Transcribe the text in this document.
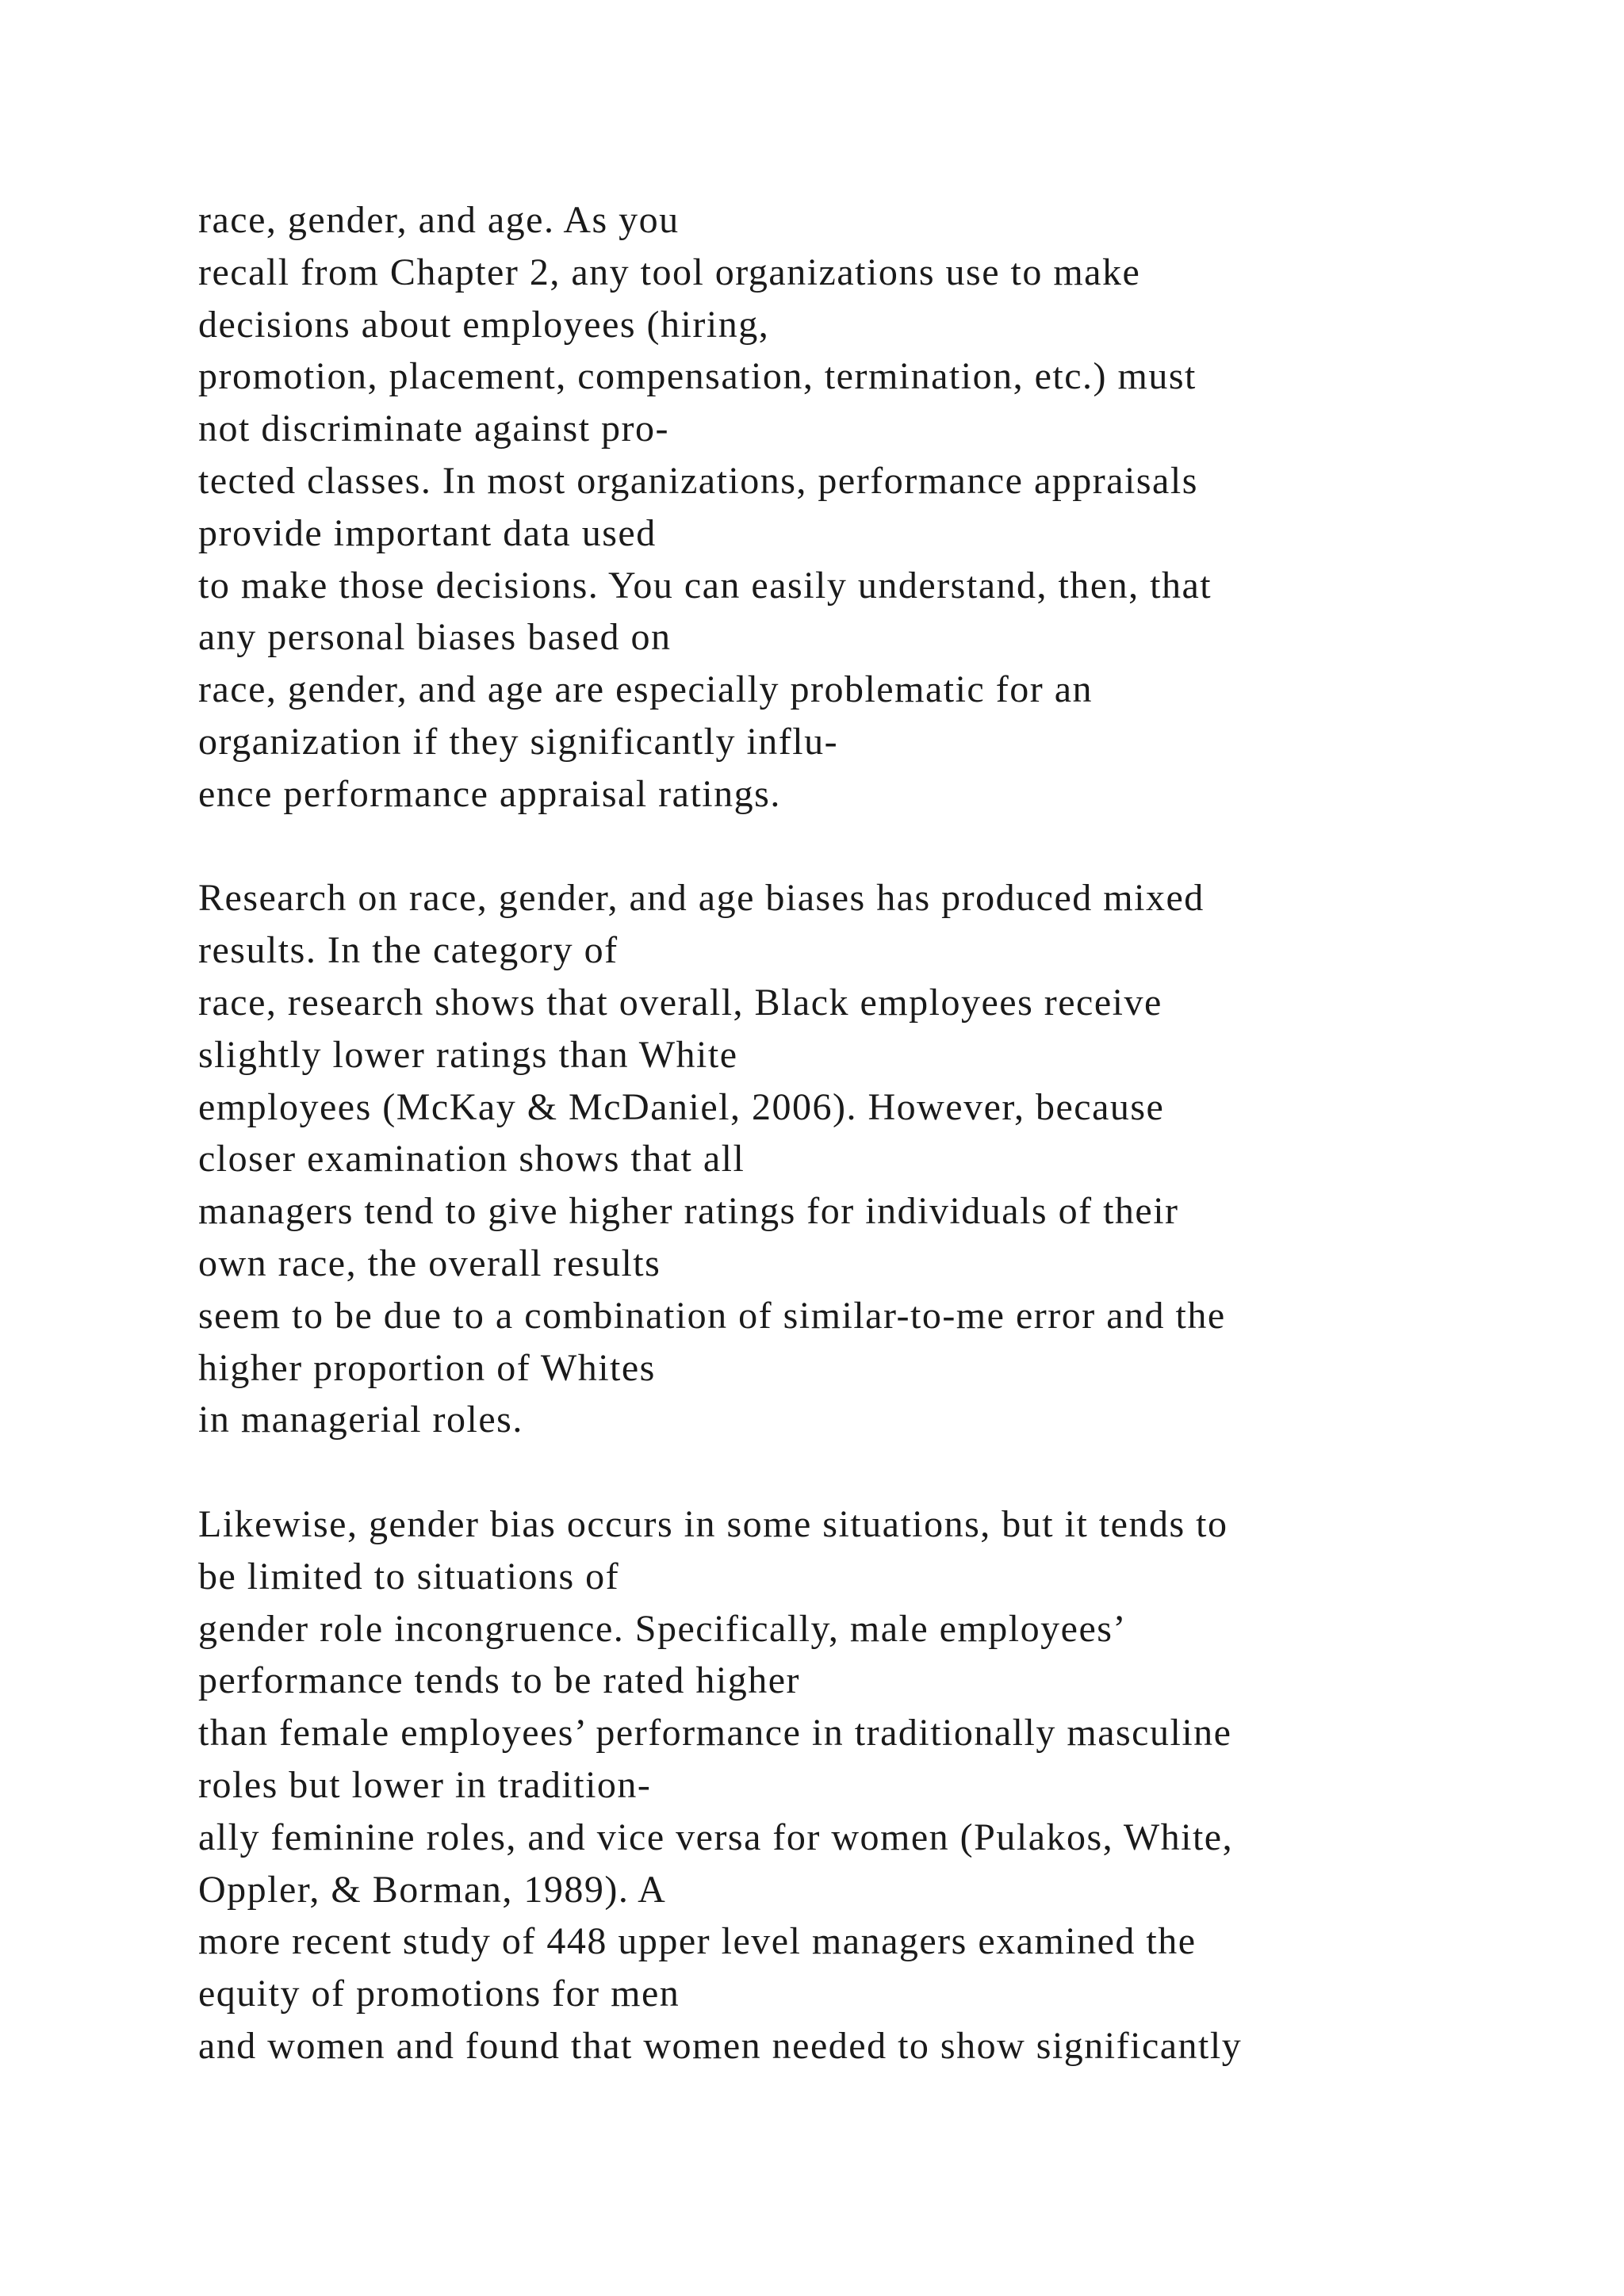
race, gender, and age. As you
recall from Chapter 2, any tool organizations use to make
decisions about employees (hiring,
promotion, placement, compensation, termination, etc.) must
not discriminate against pro-
tected classes. In most organizations, performance appraisals
provide important data used
to make those decisions. You can easily understand, then, that
any personal biases based on
race, gender, and age are especially problematic for an
organization if they significantly influ-
ence performance appraisal ratings.
Research on race, gender, and age biases has produced mixed
results. In the category of
race, research shows that overall, Black employees receive
slightly lower ratings than White
employees (McKay & McDaniel, 2006). However, because
closer examination shows that all
managers tend to give higher ratings for individuals of their
own race, the overall results
seem to be due to a combination of similar-to-me error and the
higher proportion of Whites
in managerial roles.
Likewise, gender bias occurs in some situations, but it tends to
be limited to situations of
gender role incongruence. Specifically, male employees’
performance tends to be rated higher
than female employees’ performance in traditionally masculine
roles but lower in tradition-
ally feminine roles, and vice versa for women (Pulakos, White,
Oppler, & Borman, 1989). A
more recent study of 448 upper level managers examined the
equity of promotions for men
and women and found that women needed to show significantly
